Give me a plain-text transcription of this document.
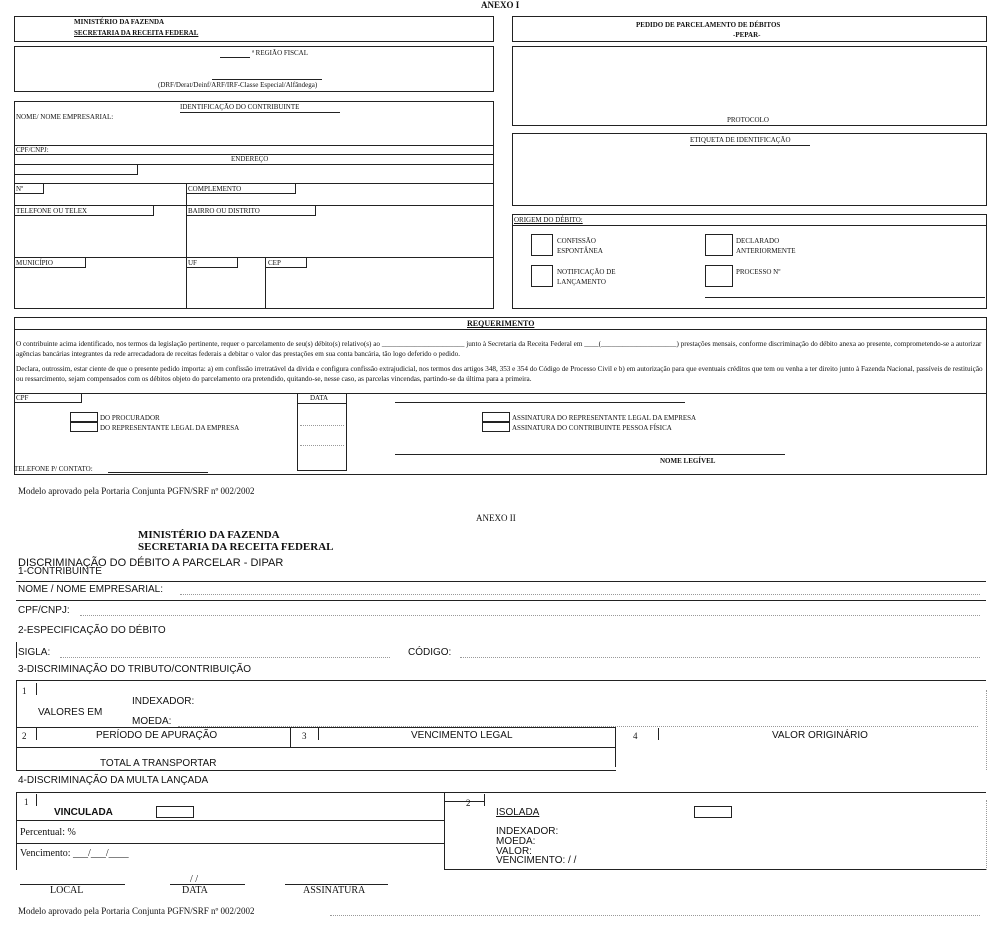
ANEXO I
MINISTÉRIO DA FAZENDA
SECRETARIA DA RECEITA FEDERAL
PEDIDO DE PARCELAMENTO DE DÉBITOS
-PEPAR-
ª REGIÃO FISCAL
(DRF/Derat/Deinf/ARF/IRF-Classe Especial/Alfândega)
PROTOCOLO
IDENTIFICAÇÃO DO CONTRIBUINTE
NOME/ NOME EMPRESARIAL:
CPF/CNPJ:
ENDEREÇO
Nº	COMPLEMENTO
TELEFONE OU TELEX	BAIRRO OU DISTRITO
MUNICÍPIO	UF	CEP
ETIQUETA DE IDENTIFICAÇÃO
ORIGEM DO DÉBITO:
CONFISSÃO
ESPONTÂNEA
DECLARADO
ANTERIORMENTE
NOTIFICAÇÃO DE
LANÇAMENTO
PROCESSO Nº
REQUERIMENTO
O contribuinte acima identificado, nos termos da legislação pertinente, requer o parcelamento de seu(s) débito(s) relativo(s) ao _______________________ junto à Secretaria da Receita Federal em ____(_____________________) prestações mensais, conforme discriminação do débito anexa ao presente, comprometendo-se a autorizar agências bancárias integrantes da rede arrecadadora de receitas federais a debitar o valor das prestações em sua conta bancária, tão logo deferido o pedido.
Declara, outrossim, estar ciente de que o presente pedido importa: a) em confissão irretratável da dívida e configura confissão extrajudicial, nos termos dos artigos 348, 353 e 354 do Código de Processo Civil e b) em autorização para que eventuais créditos que tem ou venha a ter direito junto à Fazenda Nacional, passíveis de restituição ou ressarcimento, sejam compensados com os débitos objeto do parcelamento ora pretendido, quitando-se, nesse caso, as parcelas vincendas, partindo-se da última para a primeira.
CPF	DATA
DO PROCURADOR
DO REPRESENTANTE LEGAL DA EMPRESA
ASSINATURA DO REPRESENTANTE LEGAL DA EMPRESA
ASSINATURA DO CONTRIBUINTE PESSOA FÍSICA
NOME LEGÍVEL
TELEFONE P/ CONTATO:
Modelo aprovado pela Portaria Conjunta PGFN/SRF nº 002/2002
ANEXO II
MINISTÉRIO DA FAZENDA
SECRETARIA DA RECEITA FEDERAL
DISCRIMINAÇÃO DO DÉBITO A PARCELAR - DIPAR
1-CONTRIBUINTE
NOME / NOME EMPRESARIAL:
CPF/CNPJ:
2-ESPECIFICAÇÃO DO DÉBITO
SIGLA:	CÓDIGO:
3-DISCRIMINAÇÃO DO TRIBUTO/CONTRIBUIÇÃO
1
INDEXADOR:
VALORES EM
MOEDA:
2	PERÍODO DE APURAÇÃO	3	VENCIMENTO LEGAL	4	VALOR ORIGINÁRIO
TOTAL A TRANSPORTAR
4-DISCRIMINAÇÃO DA MULTA LANÇADA
1
VINCULADA
Percentual: %
Vencimento: ___/___/____
2
ISOLADA
INDEXADOR:
MOEDA:
VALOR:
VENCIMENTO: / /
LOCAL
/ /
DATA	ASSINATURA
Modelo aprovado pela Portaria Conjunta PGFN/SRF nº 002/2002
